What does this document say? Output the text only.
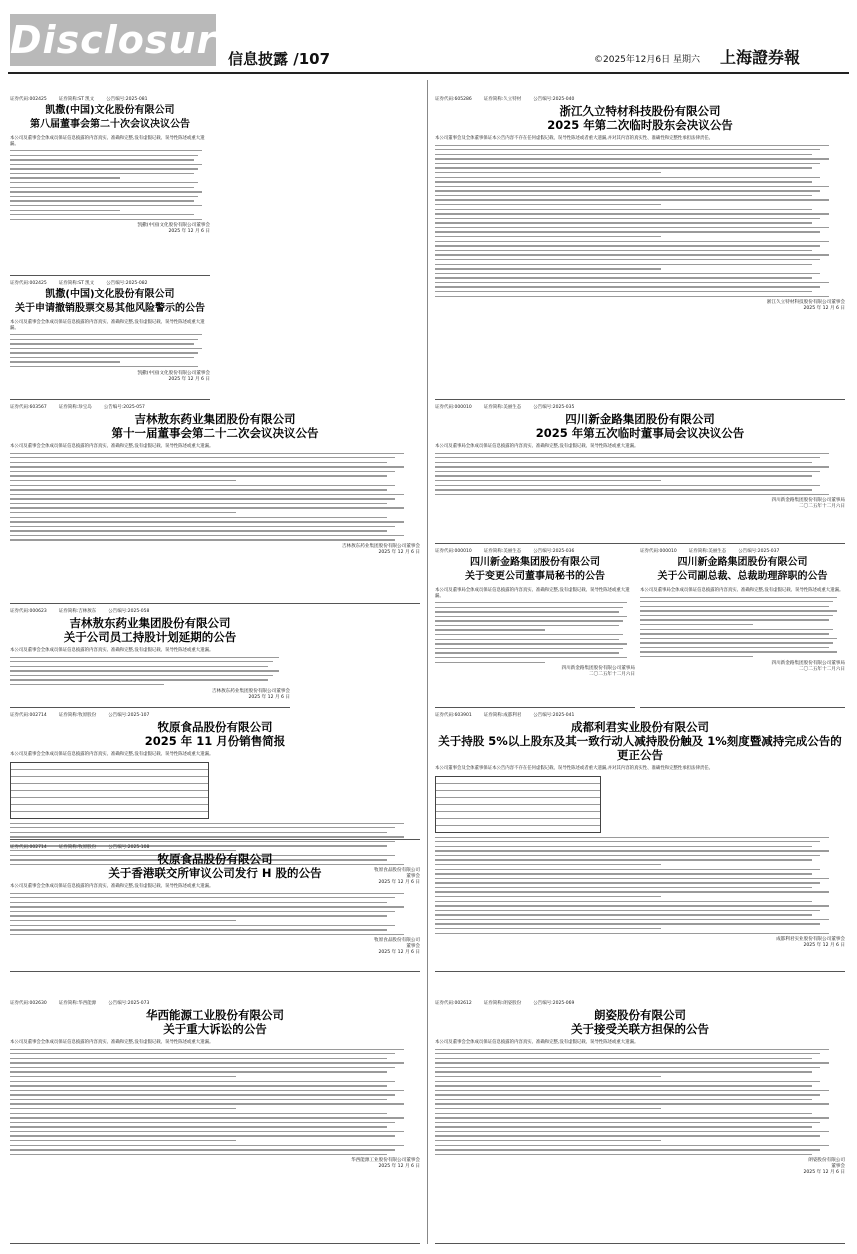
Disclosure
信息披露 /107	©2025年12月6日 星期六 上海證券報
证券代码:002425	证券简称:ST 凯文	公告编号:2025-081
凯撒(中国)文化股份有限公司
第八届董事会第二十次会议决议公告
本公司及董事会全体成员保证信息披露的内容真实、准确和完整,没有虚假记载、误导性陈述或重大遗漏。
凯撒(中国)文化股份有限公司董事会
2025 年 12 月 6 日
证券代码:002425	证券简称:ST 凯文	公告编号:2025-082
凯撒(中国)文化股份有限公司
关于申请撤销股票交易其他风险警示的公告
本公司及董事会全体成员保证信息披露的内容真实、准确和完整,没有虚假记载、误导性陈述或重大遗漏。
凯撒(中国)文化股份有限公司董事会
2025 年 12 月 6 日
证券代码:605286	证券简称:久立特材	公告编号:2025-040
浙江久立特材科技股份有限公司
2025 年第二次临时股东会决议公告
本公司董事会及全体董事保证本公告内容不存在任何虚假记载、误导性陈述或者重大遗漏,并对其内容的真实性、准确性和完整性承担法律责任。
浙江久立特材科技股份有限公司董事会
2025 年 12 月 6 日
证券代码:603567	证券简称:珍宝岛	公告编号:2025-057
吉林敖东药业集团股份有限公司
第十一届董事会第二十二次会议决议公告
本公司及董事会全体成员保证信息披露的内容真实、准确和完整,没有虚假记载、误导性陈述或重大遗漏。
吉林敖东药业集团股份有限公司董事会
2025 年 12 月 6 日
证券代码:000623	证券简称:吉林敖东	公告编号:2025-058
吉林敖东药业集团股份有限公司
关于公司员工持股计划延期的公告
本公司及董事会全体成员保证信息披露的内容真实、准确和完整,没有虚假记载、误导性陈述或重大遗漏。
吉林敖东药业集团股份有限公司董事会
2025 年 12 月 6 日
证券代码:000010	证券简称:美丽生态	公告编号:2025-035
四川新金路集团股份有限公司
2025 年第五次临时董事局会议决议公告
本公司及董事局全体成员保证信息披露的内容真实、准确和完整,没有虚假记载、误导性陈述或重大遗漏。
四川新金路集团股份有限公司董事局
二〇二五年十二月六日
证券代码:000010	证券简称:美丽生态	公告编号:2025-036
四川新金路集团股份有限公司
关于变更公司董事局秘书的公告
本公司及董事局全体成员保证信息披露的内容真实、准确和完整,没有虚假记载、误导性陈述或重大遗漏。
四川新金路集团股份有限公司董事局
二〇二五年十二月六日
证券代码:000010	证券简称:美丽生态	公告编号:2025-037
四川新金路集团股份有限公司
关于公司副总裁、总裁助理辞职的公告
本公司及董事局全体成员保证信息披露的内容真实、准确和完整,没有虚假记载、误导性陈述或重大遗漏。
四川新金路集团股份有限公司董事局
二〇二五年十二月六日
证券代码:002714	证券简称:牧原股份	公告编号:2025-107
牧原食品股份有限公司
2025 年 11 月份销售简报
本公司及董事会全体成员保证信息披露的内容真实、准确和完整,没有虚假记载、误导性陈述或重大遗漏。
牧原食品股份有限公司
董事会
2025 年 12 月 6 日
证券代码:002714	证券简称:牧原股份	公告编号:2025-108
牧原食品股份有限公司
关于香港联交所审议公司发行 H 股的公告
本公司及董事会全体成员保证信息披露的内容真实、准确和完整,没有虚假记载、误导性陈述或重大遗漏。
牧原食品股份有限公司
董事会
2025 年 12 月 6 日
证券代码:603901	证券简称:成都利君	公告编号:2025-041
成都利君实业股份有限公司
关于持股 5%以上股东及其一致行动人减持股份触及 1%刻度暨减持完成公告的更正公告
本公司董事会及全体董事保证本公告内容不存在任何虚假记载、误导性陈述或者重大遗漏,并对其内容的真实性、准确性和完整性承担法律责任。
成都利君实业股份有限公司董事会
2025 年 12 月 6 日
证券代码:002630	证券简称:华西能源	公告编号:2025-073
华西能源工业股份有限公司
关于重大诉讼的公告
本公司及董事会全体成员保证信息披露的内容真实、准确和完整,没有虚假记载、误导性陈述或重大遗漏。
华西能源工业股份有限公司董事会
2025 年 12 月 6 日
证券代码:002612	证券简称:朗姿股份	公告编号:2025-069
朗姿股份有限公司
关于接受关联方担保的公告
本公司及董事会全体成员保证信息披露的内容真实、准确和完整,没有虚假记载、误导性陈述或重大遗漏。
朗姿股份有限公司
董事会
2025 年 12 月 6 日
